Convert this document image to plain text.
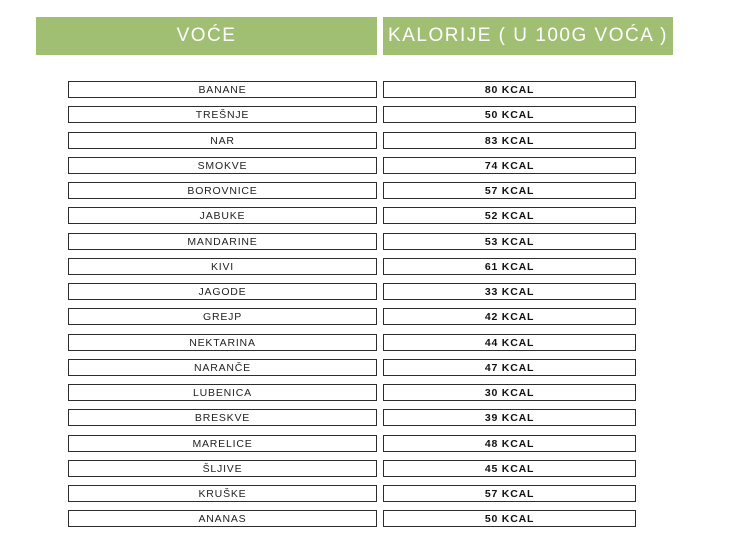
VOĆE	KALORIJE ( U 100G VOĆA )
BANANE	80 KCAL
TREŠNJE	50 KCAL
NAR	83 KCAL
SMOKVE	74 KCAL
BOROVNICE	57 KCAL
JABUKE	52 KCAL
MANDARINE	53 KCAL
KIVI	61 KCAL
JAGODE	33 KCAL
GREJP	42 KCAL
NEKTARINA	44 KCAL
NARANČE	47 KCAL
LUBENICA	30 KCAL
BRESKVE	39 KCAL
MARELICE	48 KCAL
ŠLJIVE	45 KCAL
KRUŠKE	57 KCAL
ANANAS	50 KCAL
